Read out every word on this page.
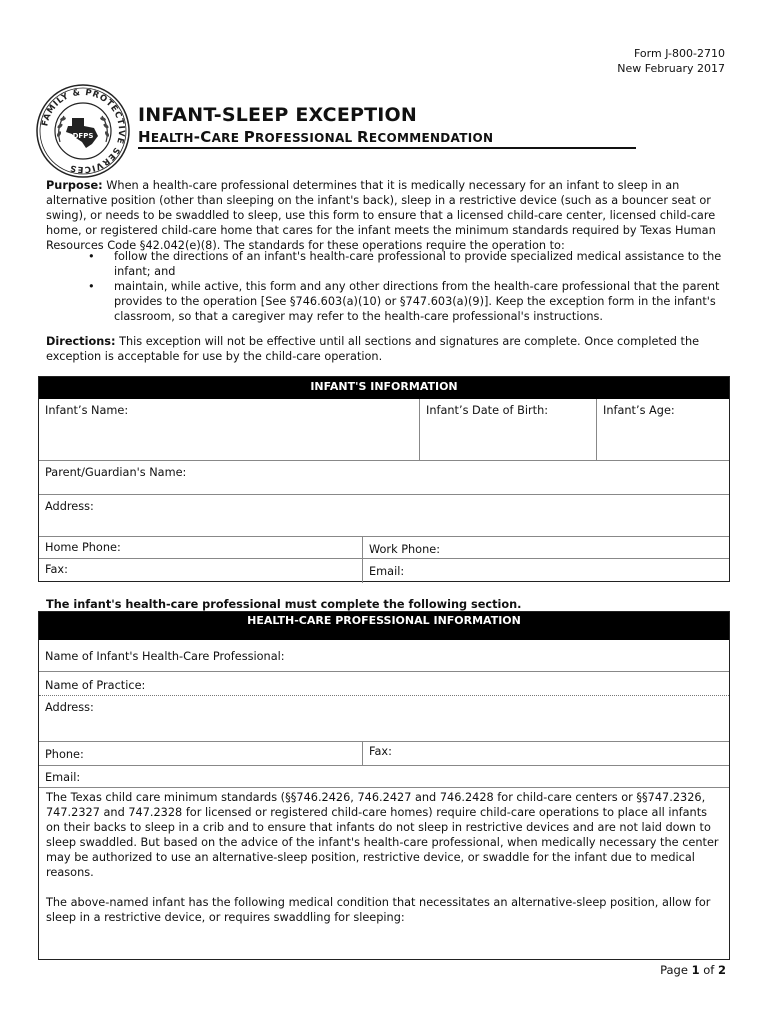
Form J-800-2710
New February 2017
FAMILY & PROTECTIVE SERVICES
DFPS
INFANT-SLEEP EXCEPTION
HEALTH-CARE PROFESSIONAL RECOMMENDATION
Purpose: When a health-care professional determines that it is medically necessary for an infant to sleep in an alternative position (other than sleeping on the infant's back), sleep in a restrictive device (such as a bouncer seat or swing), or needs to be swaddled to sleep, use this form to ensure that a licensed child-care center, licensed child-care home, or registered child-care home that cares for the infant meets the minimum standards required by Texas Human Resources Code §42.042(e)(8). The standards for these operations require the operation to:
• follow the directions of an infant's health-care professional to provide specialized medical assistance to the infant; and
• maintain, while active, this form and any other directions from the health-care professional that the parent provides to the operation [See §746.603(a)(10) or §747.603(a)(9)]. Keep the exception form in the infant's classroom, so that a caregiver may refer to the health-care professional's instructions.
Directions: This exception will not be effective until all sections and signatures are complete. Once completed the exception is acceptable for use by the child-care operation.
INFANT'S INFORMATION
Infant’s Name:	Infant’s Date of Birth:	Infant’s Age:
Parent/Guardian's Name:
Address:
Home Phone:	Work Phone:
Fax:	Email:
The infant's health-care professional must complete the following section.
HEALTH-CARE PROFESSIONAL INFORMATION
Name of Infant's Health-Care Professional:
Name of Practice:
Address:
Phone:	Fax:
Email:
The Texas child care minimum standards (§§746.2426, 746.2427 and 746.2428 for child-care centers or §§747.2326, 747.2327 and 747.2328 for licensed or registered child-care homes) require child-care operations to place all infants on their backs to sleep in a crib and to ensure that infants do not sleep in restrictive devices and are not laid down to sleep swaddled. But based on the advice of the infant's health-care professional, when medically necessary the center may be authorized to use an alternative-sleep position, restrictive device, or swaddle for the infant due to medical reasons.
The above-named infant has the following medical condition that necessitates an alternative-sleep position, allow for sleep in a restrictive device, or requires swaddling for sleeping:
Page 1 of 2
